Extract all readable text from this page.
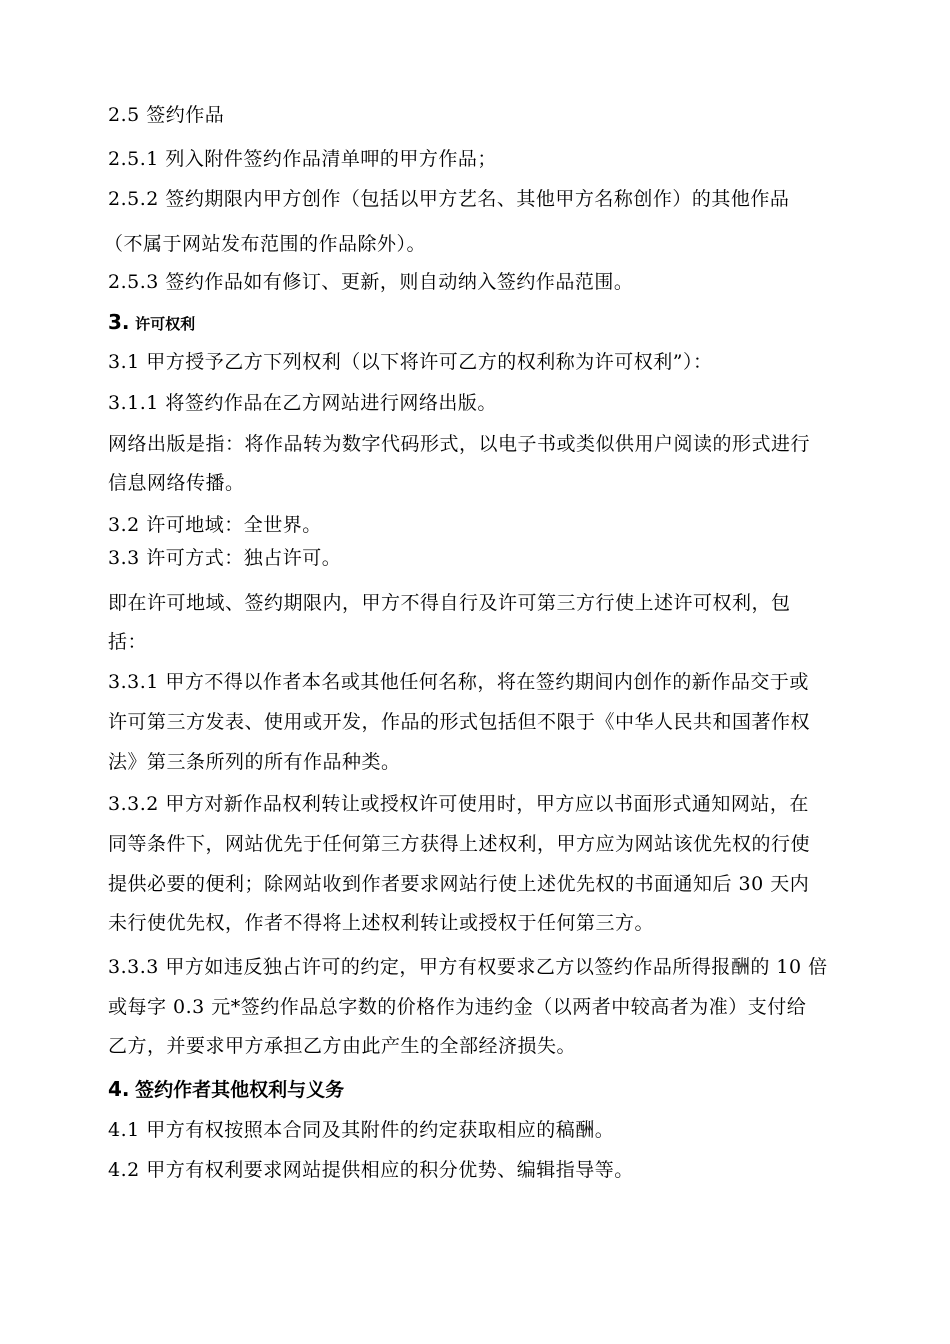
2.5 签约作品
2.5.1 列入附件签约作品清单呷的甲方作品；
2.5.2 签约期限内甲方创作（包括以甲方艺名、其他甲方名称创作）的其他作品
（不属于网站发布范围的作品除外）。
2.5.3 签约作品如有修订、更新，则自动纳入签约作品范围。
3. 许可权利
3.1 甲方授予乙方下列权利（以下将许可乙方的权利称为许可权利”）：
3.1.1 将签约作品在乙方网站进行网络出版。
网络出版是指：将作品转为数字代码形式，以电子书或类似供用户阅读的形式进行
信息网络传播。
3.2 许可地域：全世界。
3.3 许可方式：独占许可。
即在许可地域、签约期限内，甲方不得自行及许可第三方行使上述许可权利，包
括：
3.3.1 甲方不得以作者本名或其他任何名称，将在签约期间内创作的新作品交于或
许可第三方发表、使用或开发，作品的形式包括但不限于《中华人民共和国著作权
法》第三条所列的所有作品种类。
3.3.2 甲方对新作品权利转让或授权许可使用时，甲方应以书面形式通知网站，在
同等条件下，网站优先于任何第三方获得上述权利，甲方应为网站该优先权的行使
提供必要的便利；除网站收到作者要求网站行使上述优先权的书面通知后 30 天内
未行使优先权，作者不得将上述权利转让或授权于任何第三方。
3.3.3 甲方如违反独占许可的约定，甲方有权要求乙方以签约作品所得报酬的 10 倍
或每字 0.3 元*签约作品总字数的价格作为违约金（以两者中较高者为准）支付给
乙方，并要求甲方承担乙方由此产生的全部经济损失。
4. 签约作者其他权利与义务
4.1 甲方有权按照本合同及其附件的约定获取相应的稿酬。
4.2 甲方有权利要求网站提供相应的积分优势、编辑指导等。
